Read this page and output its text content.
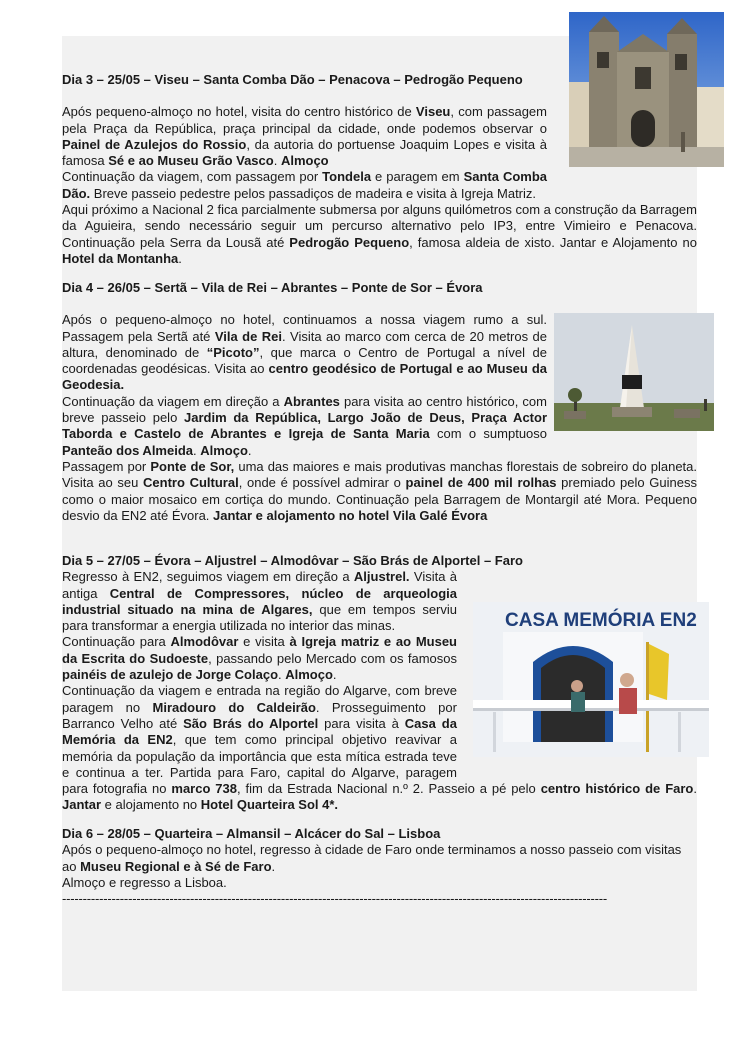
Dia 3 – 25/05 – Viseu – Santa Comba Dão – Penacova – Pedrogão Pequeno

Após pequeno-almoço no hotel, visita do centro histórico de Viseu, com passagem pela Praça da República, praça principal da cidade, onde podemos observar o Painel de Azulejos do Rossio, da autoria do portuense Joaquim Lopes e visita à famosa Sé e ao Museu Grão Vasco. Almoço

Continuação da viagem, com passagem por Tondela e paragem em Santa Comba Dão. Breve passeio pedestre pelos passadiços de madeira e visita à Igreja Matriz.

Aqui próximo a Nacional 2 fica parcialmente submersa por alguns quilómetros com a construção da Barragem da Aguieira, sendo necessário seguir um percurso alternativo pelo IP3, entre Vimieiro e Penacova. Continuação pela Serra da Lousã até Pedrogão Pequeno, famosa aldeia de xisto. Jantar e Alojamento no Hotel da Montanha.

Dia 4 – 26/05 – Sertã – Vila de Rei – Abrantes – Ponte de Sor – Évora

Após o pequeno-almoço no hotel, continuamos a nossa viagem rumo a sul. Passagem pela Sertã até Vila de Rei. Visita ao marco com cerca de 20 metros de altura, denominado de “Picoto”, que marca o Centro de Portugal a nível de coordenadas geodésicas. Visita ao centro geodésico de Portugal e ao Museu da Geodesia.

Continuação da viagem em direção a Abrantes para visita ao centro histórico, com breve passeio pelo Jardim da República, Largo João de Deus, Praça Actor Taborda e Castelo de Abrantes e Igreja de Santa Maria com o sumptuoso Panteão dos Almeida. Almoço.

Passagem por Ponte de Sor, uma das maiores e mais produtivas manchas florestais de sobreiro do planeta. Visita ao seu Centro Cultural, onde é possível admirar o painel de 400 mil rolhas premiado pelo Guiness como o maior mosaico em cortiça do mundo. Continuação pela Barragem de Montargil até Mora. Pequeno desvio da EN2 até Évora. Jantar e alojamento no hotel Vila Galé Évora

Dia 5 – 27/05 – Évora – Aljustrel – Almodôvar – São Brás de Alportel – Faro

CASA MEMÓRIA EN2

Regresso à EN2, seguimos viagem em direção a Aljustrel. Visita à antiga Central de Compressores, núcleo de arqueologia industrial situado na mina de Algares, que em tempos serviu para transformar a energia utilizada no interior das minas.

Continuação para Almodôvar e visita à Igreja matriz e ao Museu da Escrita do Sudoeste, passando pelo Mercado com os famosos painéis de azulejo de Jorge Colaço. Almoço.

Continuação da viagem e entrada na região do Algarve, com breve paragem no Miradouro do Caldeirão. Prosseguimento por Barranco Velho até São Brás do Alportel para visita à Casa da Memória da EN2, que tem como principal objetivo reavivar a memória da população da importância que esta mítica estrada teve e continua a ter. Partida para Faro, capital do Algarve, paragem para fotografia no marco 738, fim da Estrada Nacional n.º 2. Passeio a pé pelo centro histórico de Faro. Jantar e alojamento no Hotel Quarteira Sol 4*.

Dia 6 – 28/05 – Quarteira – Almansil – Alcácer do Sal – Lisboa

Após o pequeno-almoço no hotel, regresso à cidade de Faro onde terminamos a nosso passeio com visitas ao Museu Regional e à Sé de Faro.

Almoço e regresso a Lisboa.

------------------------------------------------------------------------------------------------------------------------------------
